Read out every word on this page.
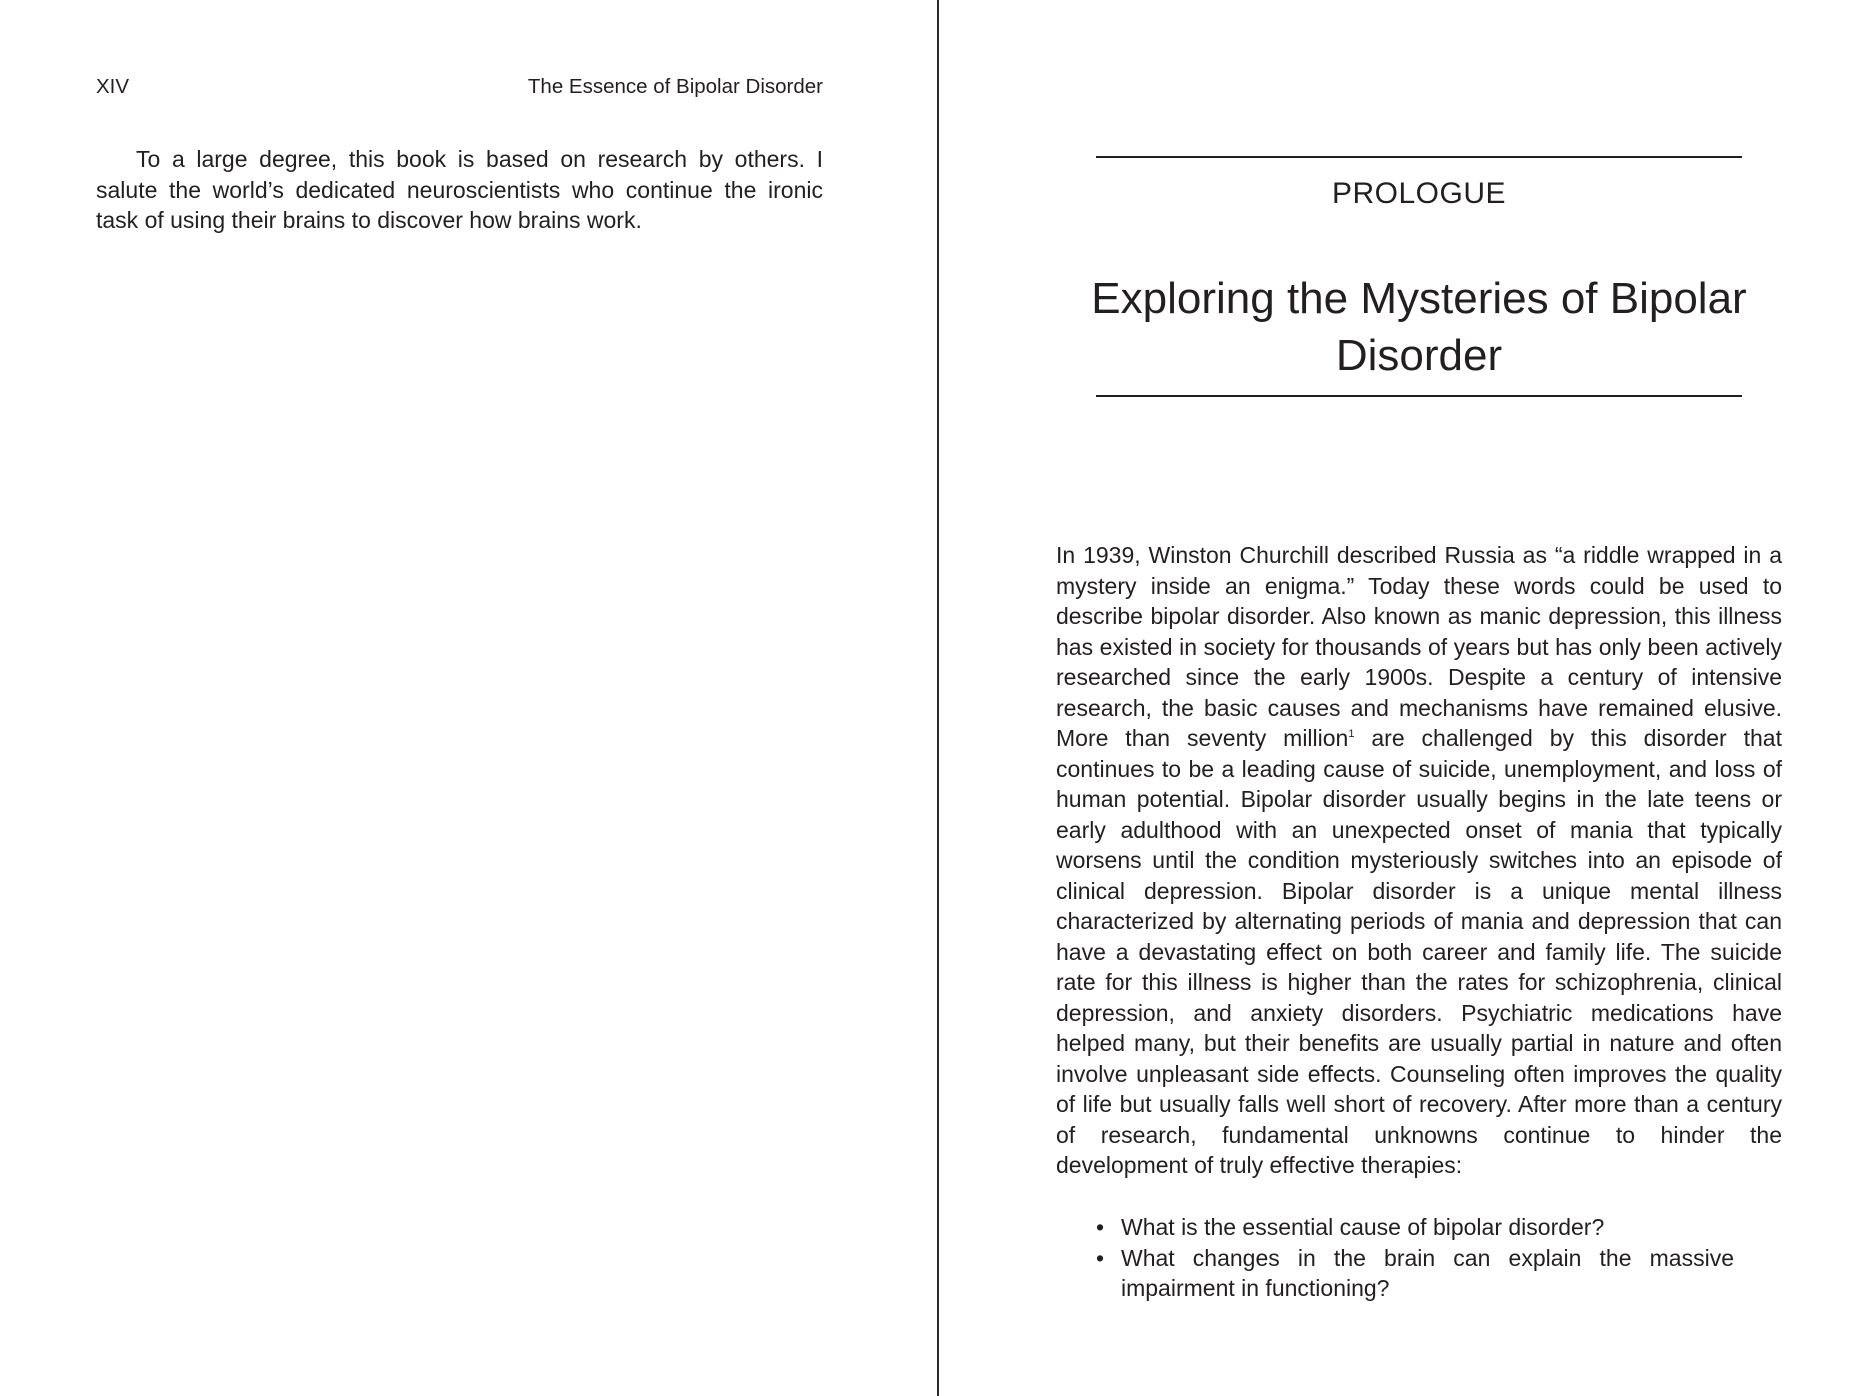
XIV	The Essence of Bipolar Disorder

To a large degree, this book is based on research by others. I salute the world’s dedicated neuroscientists who continue the ironic task of using their brains to discover how brains work.

PROLOGUE
Exploring the Mysteries of Bipolar Disorder

In 1939, Winston Churchill described Russia as “a riddle wrapped in a mystery inside an enigma.” Today these words could be used to describe bipolar disorder. Also known as manic depression, this illness has existed in society for thousands of years but has only been actively researched since the early 1900s. Despite a century of intensive research, the basic causes and mechanisms have remained elusive. More than seventy million$^1$ are challenged by this disorder that continues to be a leading cause of suicide, unemployment, and loss of human potential. Bipolar disorder usually begins in the late teens or early adulthood with an unexpected onset of mania that typically worsens until the condition mysteriously switches into an episode of clinical depression. Bipolar disorder is a unique mental illness characterized by alternating periods of mania and depression that can have a devastating effect on both career and family life. The suicide rate for this illness is higher than the rates for schizophrenia, clinical depression, and anxiety disorders. Psychiatric medications have helped many, but their benefits are usually partial in nature and often involve unpleasant side effects. Counseling often improves the quality of life but usually falls well short of recovery. After more than a century of research, fundamental unknowns continue to hinder the development of truly effective therapies:

• What is the essential cause of bipolar disorder?
• What changes in the brain can explain the massive impairment in functioning?
